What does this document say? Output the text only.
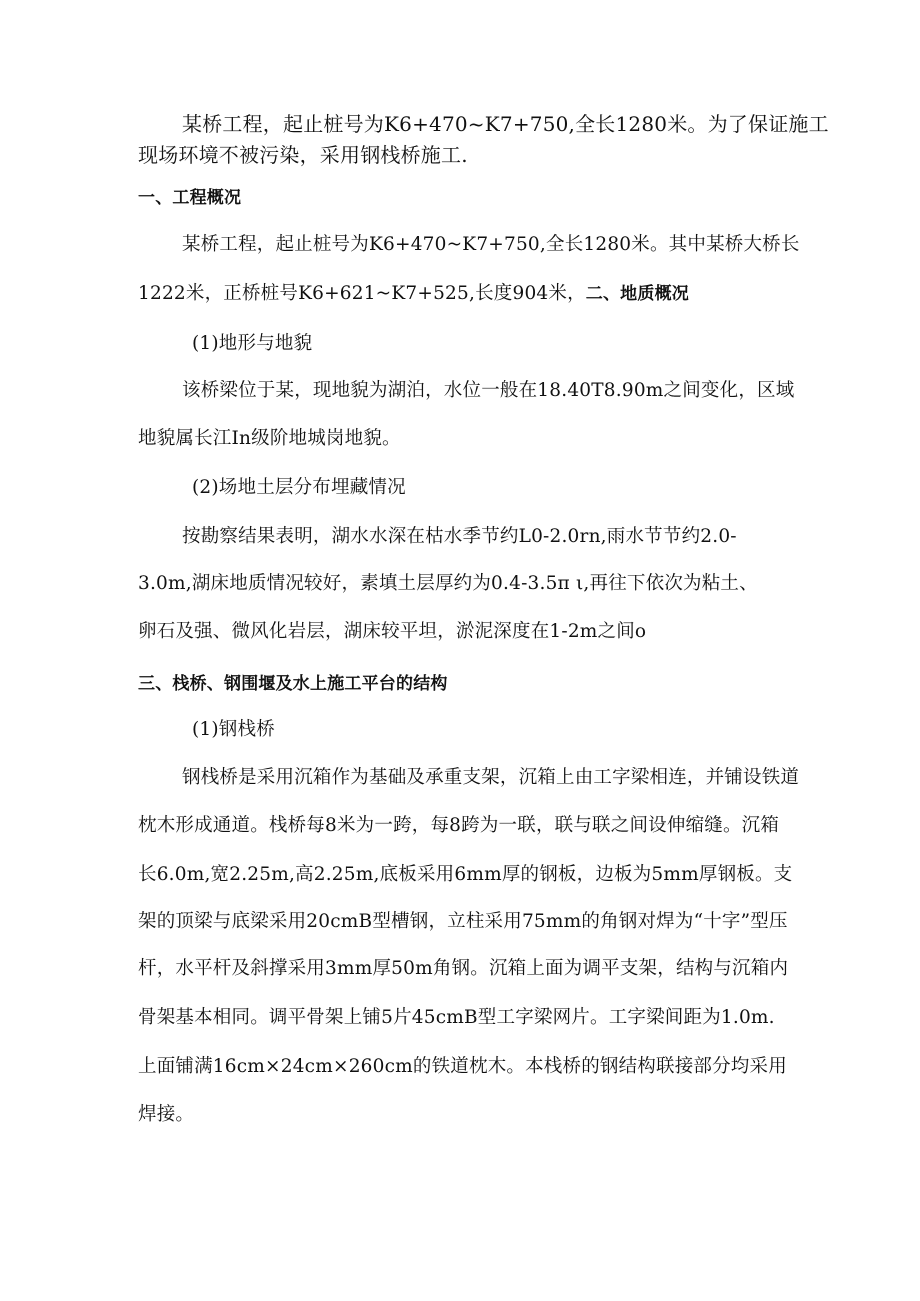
某桥工程，起止桩号为K6+470~K7+750,全长1280米。为了保证施工
现场环境不被污染，采用钢栈桥施工.
一、工程概况
某桥工程，起止桩号为K6+470~K7+750,全长1280米。其中某桥大桥长
1222米，正桥桩号K6+621~K7+525,长度904米，二、地质概况
(1)地形与地貌
该桥梁位于某，现地貌为湖泊，水位一般在18.40T8.90m之间变化，区域
地貌属长江In级阶地城岗地貌。
(2)场地土层分布埋藏情况
按勘察结果表明，湖水水深在枯水季节约L0-2.0rn,雨水节节约2.0-
3.0m,湖床地质情况较好，素填土层厚约为0.4-3.5π ι,再往下依次为粘土、
卵石及强、微风化岩层，湖床较平坦，淤泥深度在1-2m之间o
三、栈桥、钢围堰及水上施工平台的结构
(1)钢栈桥
钢栈桥是采用沉箱作为基础及承重支架，沉箱上由工字梁相连，并铺设铁道
枕木形成通道。栈桥每8米为一跨，每8跨为一联，联与联之间设伸缩缝。沉箱
长6.0m,宽2.25m,高2.25m,底板采用6mm厚的钢板，边板为5mm厚钢板。支
架的顶梁与底梁采用20cmB型槽钢，立柱采用75mm的角钢对焊为“十字”型压
杆，水平杆及斜撑采用3mm厚50m角钢。沉箱上面为调平支架，结构与沉箱内
骨架基本相同。调平骨架上铺5片45cmB型工字梁网片。工字梁间距为1.0m.
上面铺满16cm×24cm×260cm的铁道枕木。本栈桥的钢结构联接部分均采用
焊接。
